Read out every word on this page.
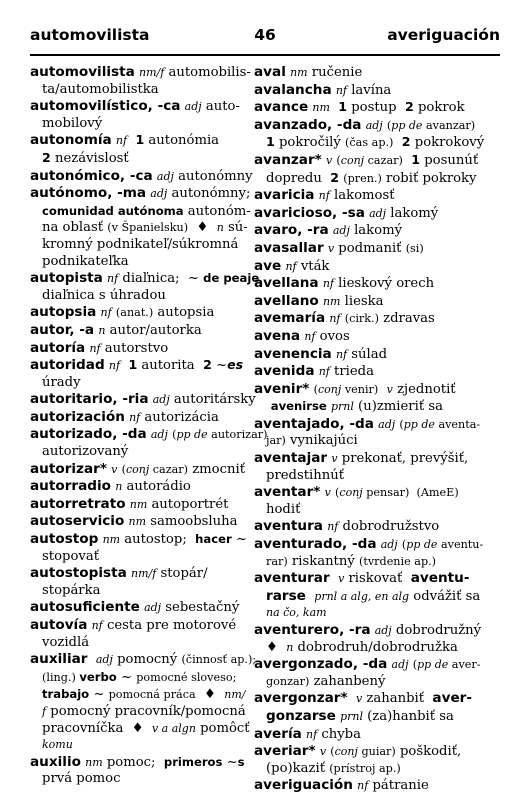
automovilista	46	averiguación
automovilista nm/f automobilis-
ta/automobilistka
automovilístico, -ca adj auto-
mobilový
autonomía nf 1 autonómia
2 nezávislosť
autonómico, -ca adj autonómny
autónomo, -ma adj autonómny;
comunidad autónoma autonóm-
na oblasť (v Španielsku)  ♦  n sú-
kromný podnikateľ/súkromná
podnikateľka
autopista nf diaľnica;  ~ de peaje
diaľnica s úhradou
autopsia nf (anat.) autopsia
autor, -a n autor/autorka
autoría nf autorstvo
autoridad nf 1 autorita  2 ~es
úrady
autoritario, -ria adj autoritársky
autorización nf autorizácia
autorizado, -da adj (pp de autorizar)
autorizovaný
autorizar* v (conj cazar) zmocniť
autorradio n autorádio
autorretrato nm autoportrét
autoservicio nm samoobsluha
autostop nm autostop;  hacer ~
stopovať
autostopista nm/f stopár/
stopárka
autosuficiente adj sebestačný
autovía nf cesta pre motorové
vozidlá
auxiliar adj pomocný (činnosť ap.);
(ling.) verbo ~ pomocné sloveso;
trabajo ~ pomocná práca  ♦  nm/
f pomocný pracovník/pomocná
pracovníčka  ♦  v a algn pomôcť
komu
auxilio nm pomoc;  primeros ~s
prvá pomoc
aval nm ručenie
avalancha nf lavína
avance nm 1 postup  2 pokrok
avanzado, -da adj (pp de avanzar)
1 pokročilý (čas ap.) 2 pokrokový
avanzar* v (conj cazar) 1 posunúť
dopredu  2 (pren.) robiť pokroky
avaricia nf lakomosť
avaricioso, -sa adj lakomý
avaro, -ra adj lakomý
avasallar v podmaniť (si)
ave nf vták
avellana nf lieskový orech
avellano nm lieska
avemaría nf (cirk.) zdravas
avena nf ovos
avenencia nf súlad
avenida nf trieda
avenir* (conj venir) v zjednotiť
avenirse prnl (u)zmieriť sa
aventajado, -da adj (pp de aventa-
jar) vynikajúci
aventajar v prekonať, prevýšiť,
predstihnúť
aventar* v (conj pensar)  (AmeE)
hodiť
aventura nf dobrodružstvo
aventurado, -da adj (pp de aventu-
rar) riskantný (tvrdenie ap.)
aventurar v riskovať  aventu-
rarse prnl a alg, en alg odvážiť sa
na čo, kam
aventurero, -ra adj dobrodružný
♦  n dobrodruh/dobrodružka
avergonzado, -da adj (pp de aver-
gonzar) zahanbený
avergonzar* v zahanbiť  aver-
gonzarse prnl (za)hanbiť sa
avería nf chyba
averiar* v (conj guiar) poškodiť,
(po)kaziť (prístroj ap.)
averiguación nf pátranie
